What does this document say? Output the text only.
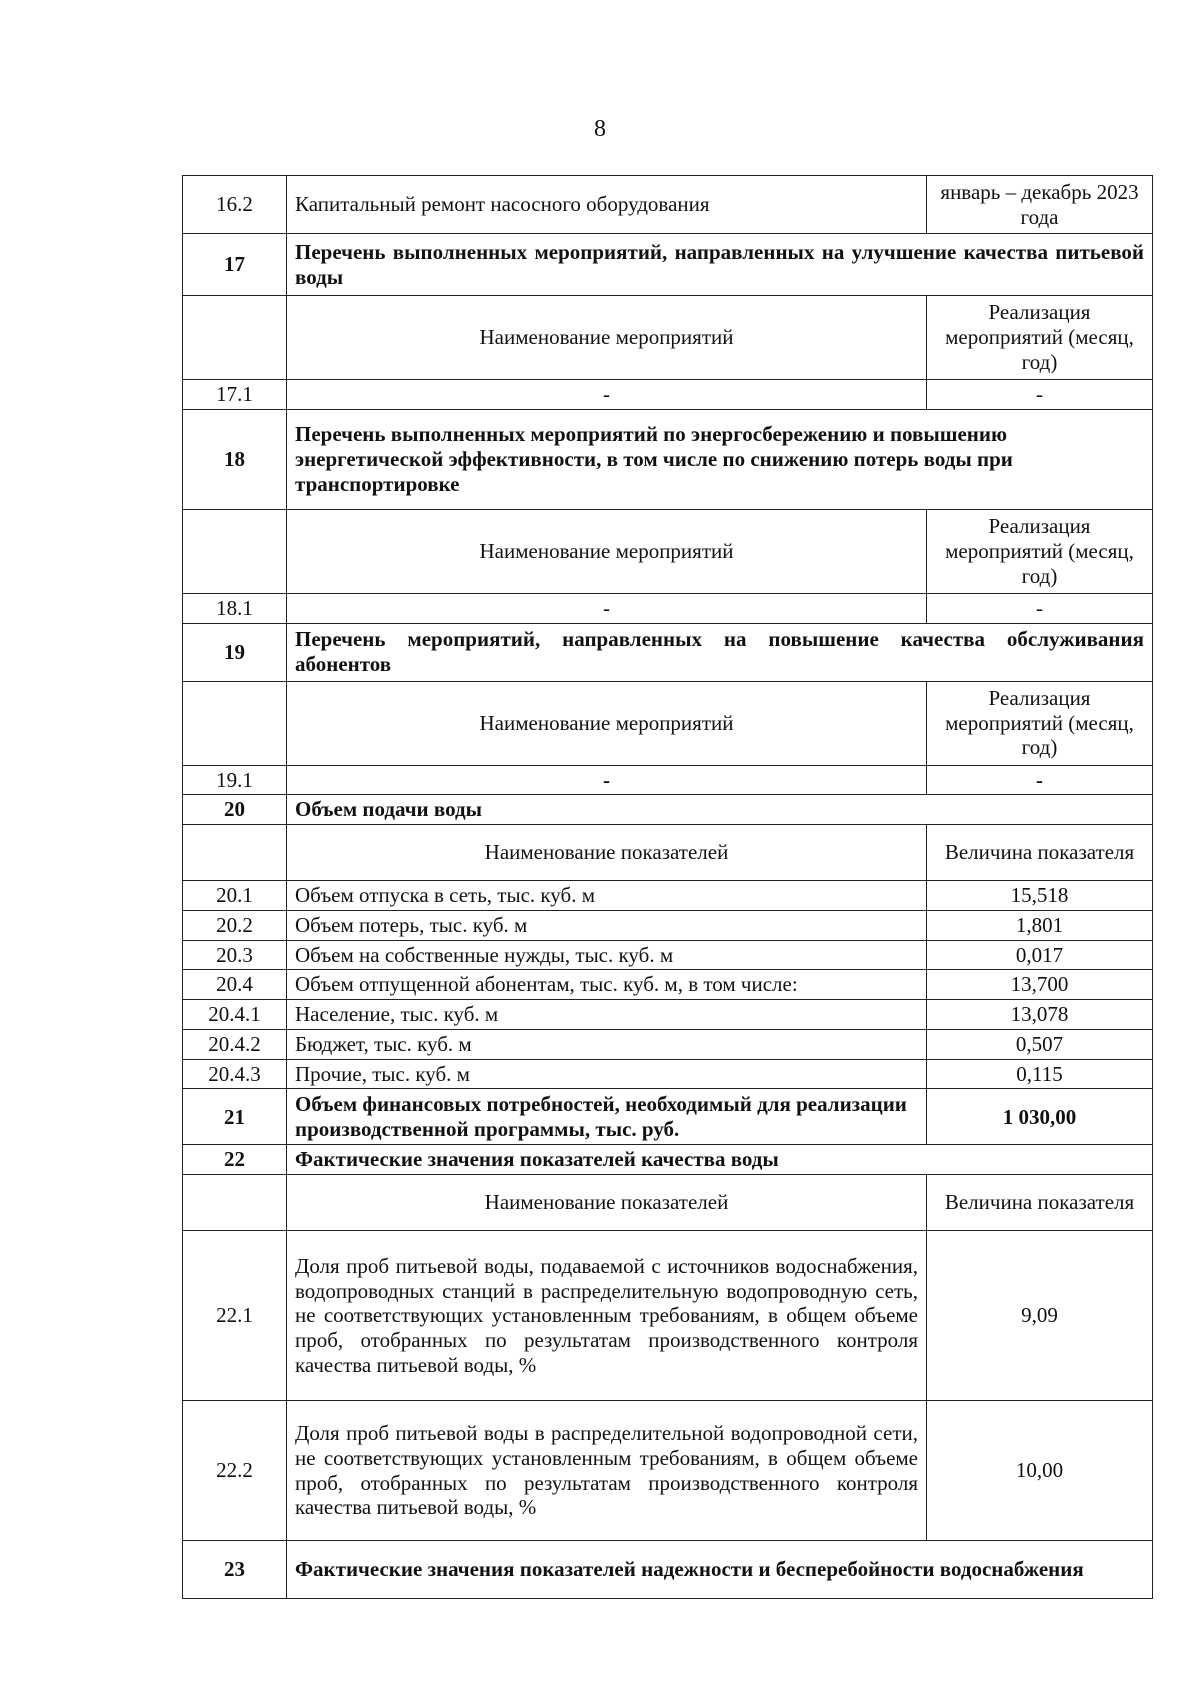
8
16.2	Капитальный ремонт насосного оборудования	январь – декабрь 2023 года
17	Перечень выполненных мероприятий, направленных на улучшение качества питьевой воды	
	Наименование мероприятий	Реализация мероприятий (месяц, год)
17.1	-	-
18	Перечень выполненных мероприятий по энергосбережению и повышению энергетической эффективности, в том числе по снижению потерь воды при транспортировке	
	Наименование мероприятий	Реализация мероприятий (месяц, год)
18.1	-	-
19	Перечень мероприятий, направленных на повышение качества обслуживания абонентов	
	Наименование мероприятий	Реализация мероприятий (месяц, год)
19.1	-	-
20	Объем подачи воды	
	Наименование показателей	Величина показателя
20.1	Объем отпуска в сеть, тыс. куб. м	15,518
20.2	Объем потерь, тыс. куб. м	1,801
20.3	Объем на собственные нужды, тыс. куб. м	0,017
20.4	Объем отпущенной абонентам, тыс. куб. м, в том числе:	13,700
20.4.1	Население, тыс. куб. м	13,078
20.4.2	Бюджет, тыс. куб. м	0,507
20.4.3	Прочие, тыс. куб. м	0,115
21	Объем финансовых потребностей, необходимый для реализации производственной программы, тыс. руб.	1 030,00
22	Фактические значения показателей качества воды	
	Наименование показателей	Величина показателя
22.1	Доля проб питьевой воды, подаваемой с источников водоснабжения, водопроводных станций в распределительную водопроводную сеть, не соответствующих установленным требованиям, в общем объеме проб, отобранных по результатам производственного контроля качества питьевой воды, %	9,09
22.2	Доля проб питьевой воды в распределительной водопроводной сети, не соответствующих установленным требованиям, в общем объеме проб, отобранных по результатам производственного контроля качества питьевой воды, %	10,00
23	Фактические значения показателей надежности и бесперебойности водоснабжения	
